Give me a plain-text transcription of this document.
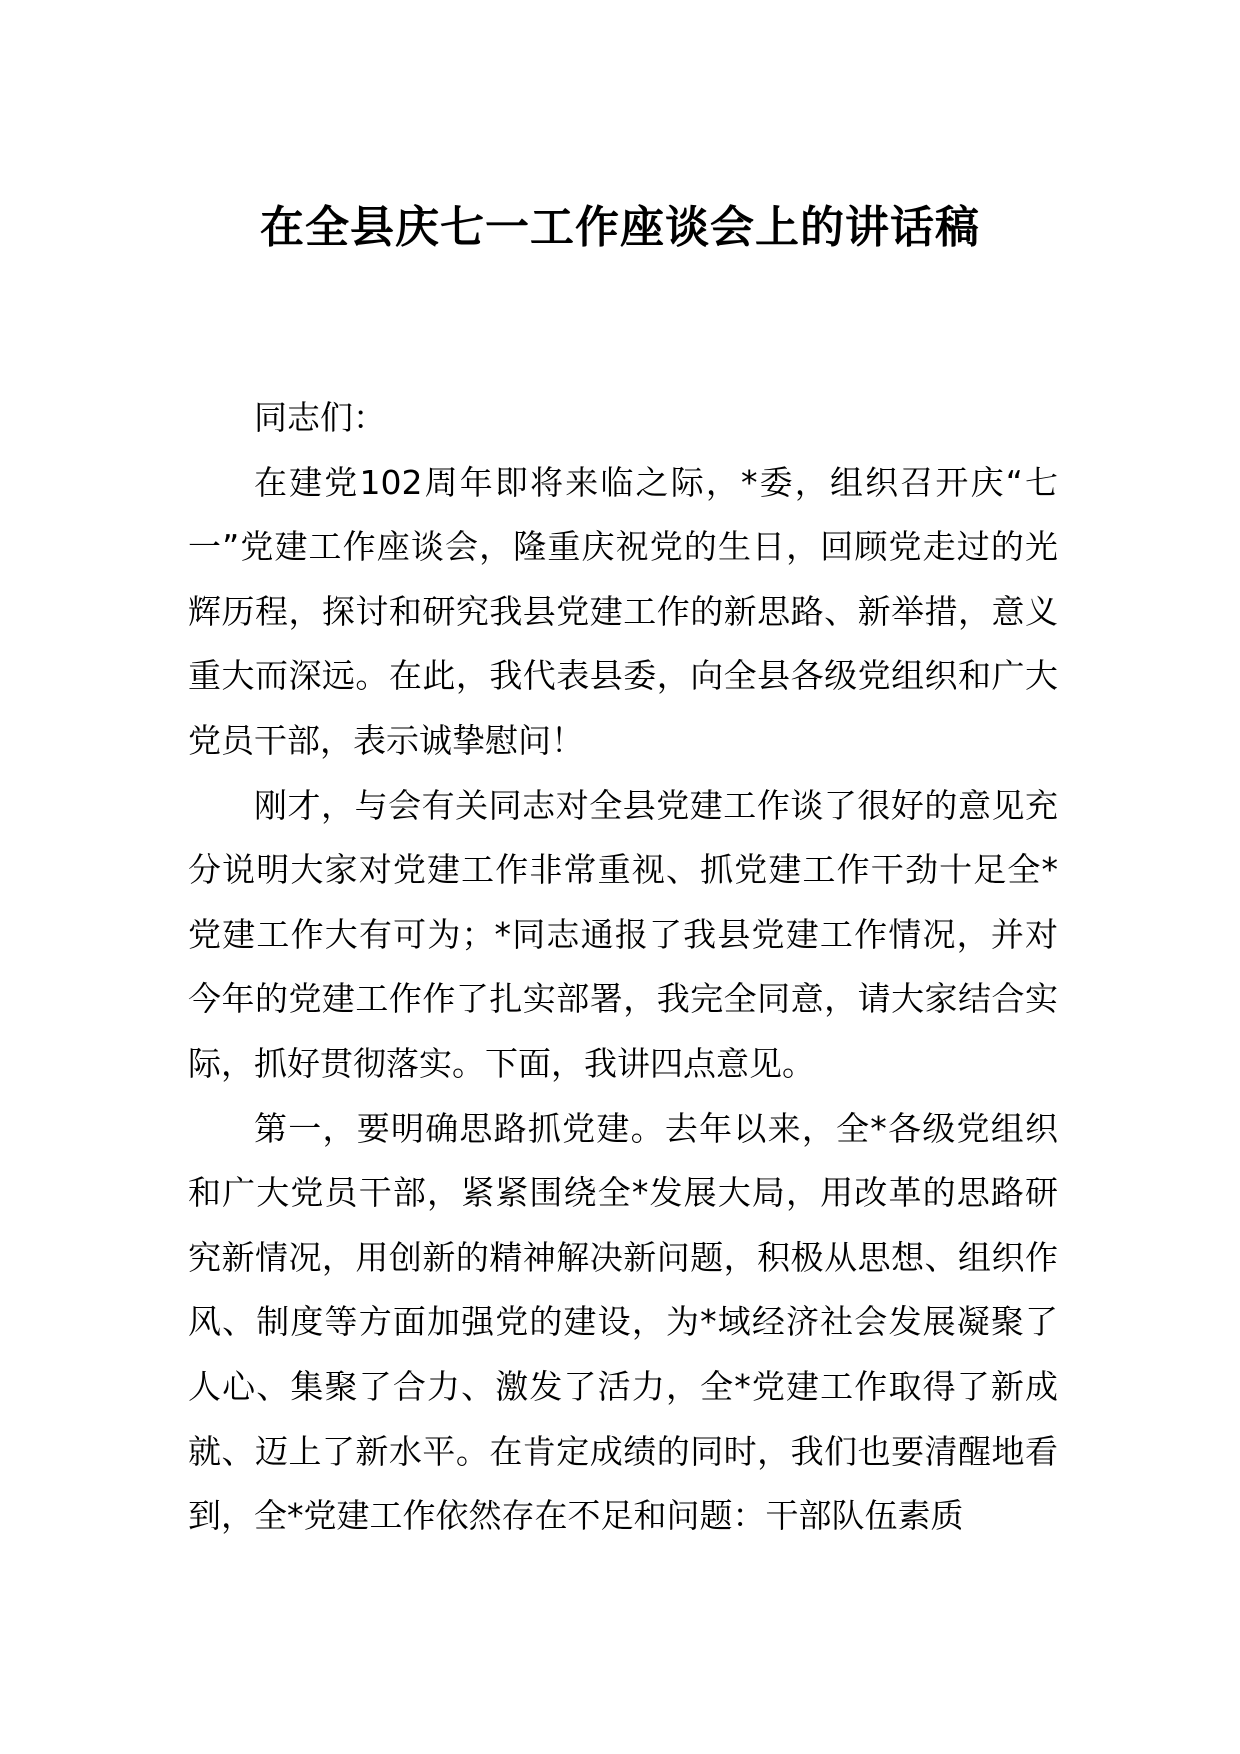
在全县庆七一工作座谈会上的讲话稿

同志们：

在建党102周年即将来临之际，*委，组织召开庆“七一”党建工作座谈会，隆重庆祝党的生日，回顾党走过的光辉历程，探讨和研究我县党建工作的新思路、新举措，意义重大而深远。在此，我代表县委，向全县各级党组织和广大党员干部，表示诚挚慰问！

刚才，与会有关同志对全县党建工作谈了很好的意见充分说明大家对党建工作非常重视、抓党建工作干劲十足全*党建工作大有可为；*同志通报了我县党建工作情况，并对今年的党建工作作了扎实部署，我完全同意，请大家结合实际，抓好贯彻落实。下面，我讲四点意见。

第一，要明确思路抓党建。去年以来，全*各级党组织和广大党员干部，紧紧围绕全*发展大局，用改革的思路研究新情况，用创新的精神解决新问题，积极从思想、组织作风、制度等方面加强党的建设，为*域经济社会发展凝聚了人心、集聚了合力、激发了活力，全*党建工作取得了新成就、迈上了新水平。在肯定成绩的同时，我们也要清醒地看到，全*党建工作依然存在不足和问题：干部队伍素质
